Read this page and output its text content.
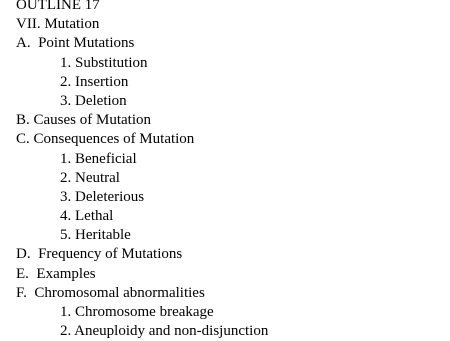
OUTLINE 17
VII. Mutation
A.  Point Mutations
1. Substitution
2. Insertion
3. Deletion
B. Causes of Mutation
C. Consequences of Mutation
1. Beneficial
2. Neutral
3. Deleterious
4. Lethal
5. Heritable
D.  Frequency of Mutations
E.  Examples
F.  Chromosomal abnormalities
1. Chromosome breakage
2. Aneuploidy and non-disjunction
